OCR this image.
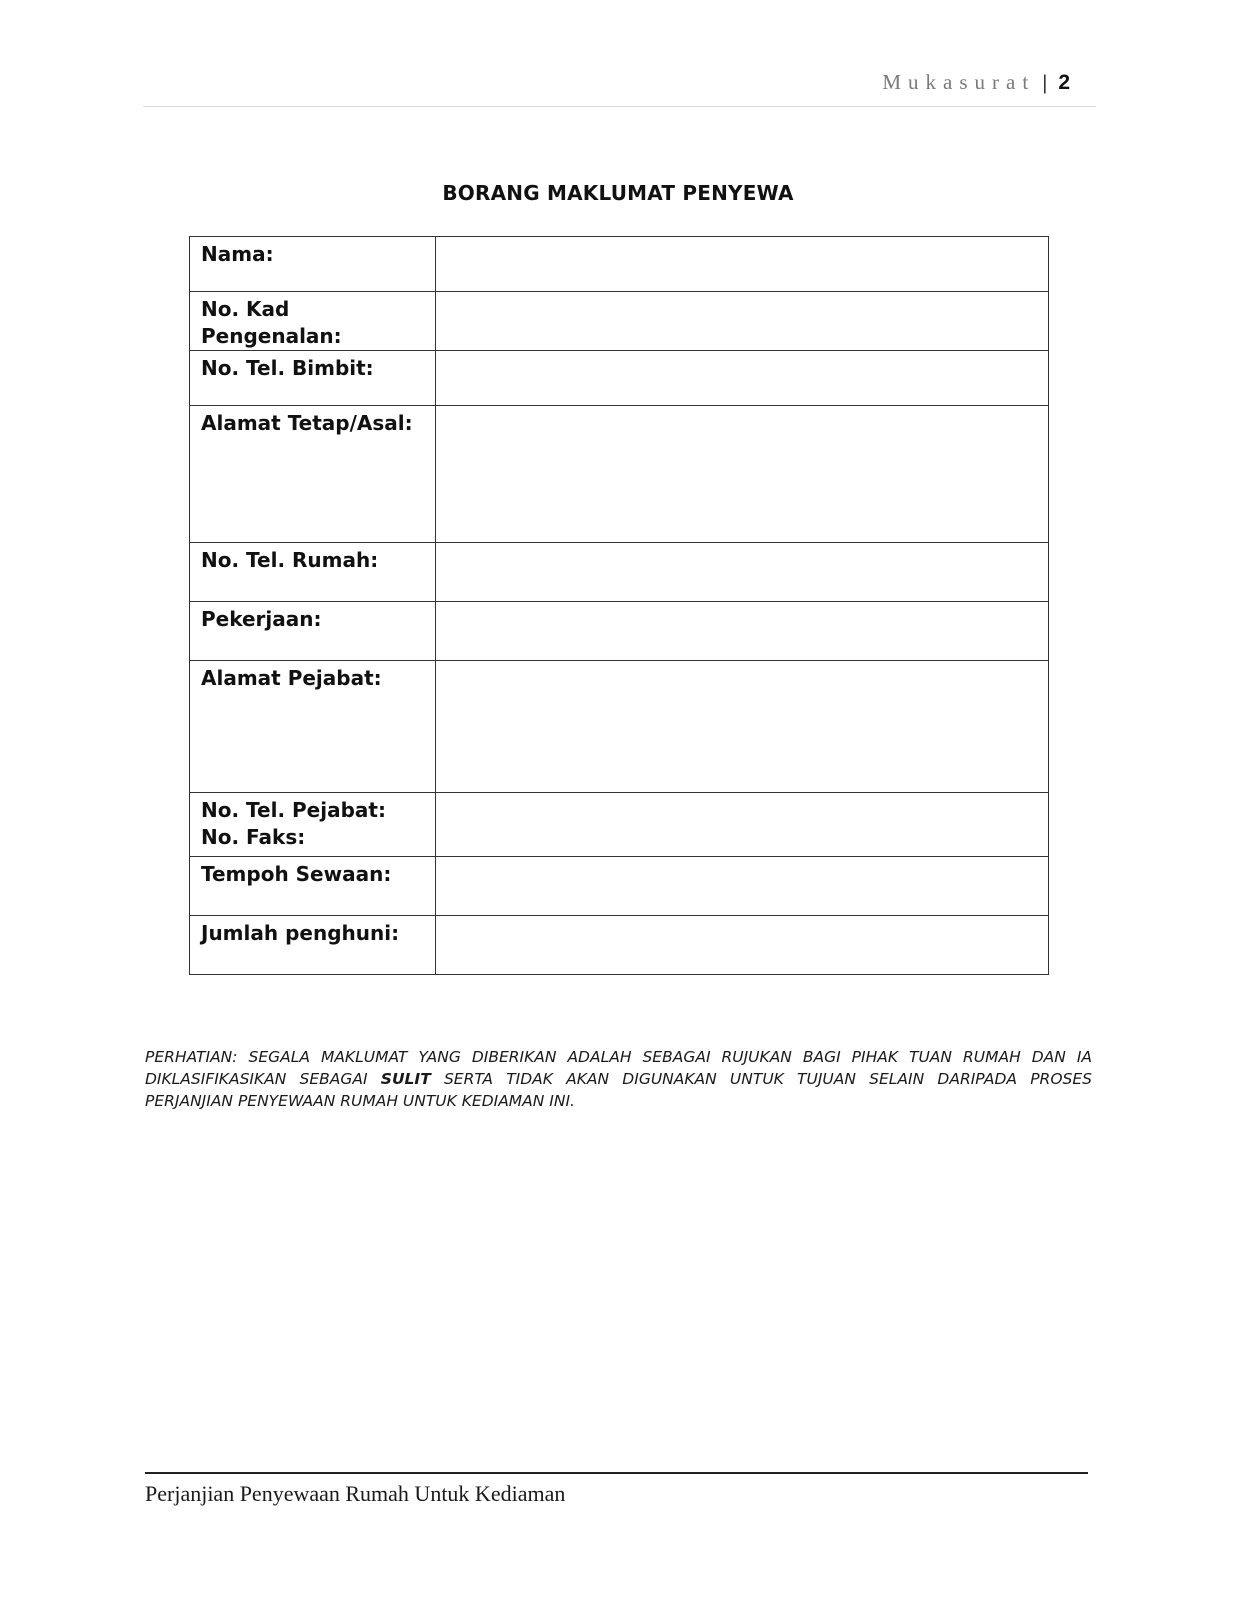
Mukasurat | 2
BORANG MAKLUMAT PENYEWA
Nama:	

No. Kad
Pengenalan:	

No. Tel. Bimbit:	

Alamat Tetap/Asal:	

No. Tel. Rumah:	

Pekerjaan:	

Alamat Pejabat:	

No. Tel. Pejabat:
No. Faks:	

Tempoh Sewaan:	

Jumlah penghuni:	

PERHATIAN: SEGALA MAKLUMAT YANG DIBERIKAN ADALAH SEBAGAI RUJUKAN BAGI PIHAK TUAN RUMAH DAN IA DIKLASIFIKASIKAN SEBAGAI SULIT SERTA TIDAK AKAN DIGUNAKAN UNTUK TUJUAN SELAIN DARIPADA PROSES PERJANJIAN PENYEWAAN RUMAH UNTUK KEDIAMAN INI.

Perjanjian Penyewaan Rumah Untuk Kediaman
